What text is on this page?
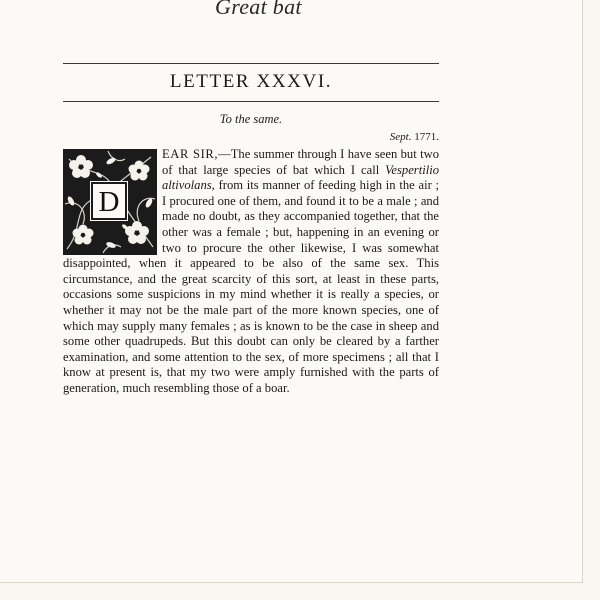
Great bat
LETTER XXXVI.
To the same.
Sept. 1771.
D
EAR SIR,—The summer through I have seen but two of that large species of bat which I call Vespertilio altivolans, from its manner of feeding high in the air ; I procured one of them, and found it to be a male ; and made no doubt, as they accompanied together, that the other was a female ; but, happening in an evening or two to procure the other likewise, I was somewhat disappointed, when it appeared to be also of the same sex. This circumstance, and the great scarcity of this sort, at least in these parts, occasions some suspicions in my mind whether it is really a species, or whether it may not be the male part of the more known species, one of which may supply many females ; as is known to be the case in sheep and some other quadrupeds. But this doubt can only be cleared by a farther examination, and some attention to the sex, of more specimens ; all that I know at present is, that my two were amply furnished with the parts of generation, much resembling those of a boar.
